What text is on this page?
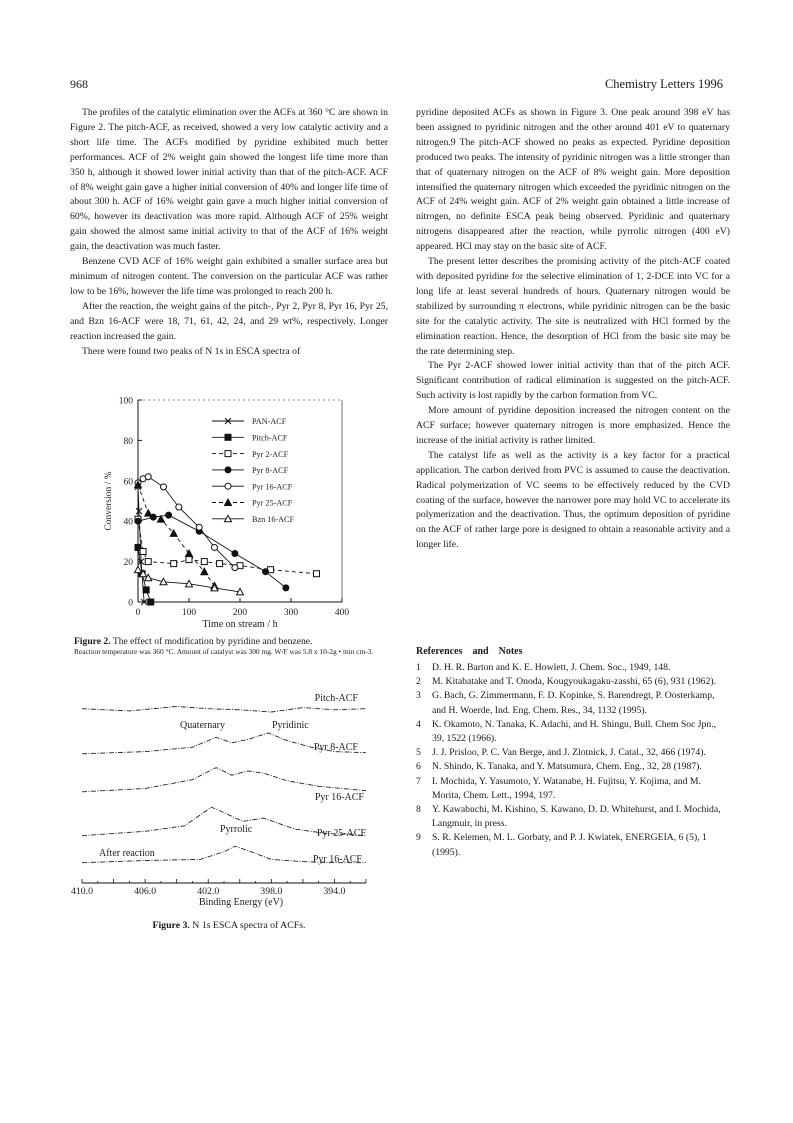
968	Chemistry Letters 1996

The profiles of the catalytic elimination over the ACFs at 360 °C are shown in Figure 2. The pitch-ACF, as received, showed a very low catalytic activity and a short life time. The ACFs modified by pyridine exhibited much better performances. ACF of 2% weight gain showed the longest life time more than 350 h, although it showed lower initial activity than that of the pitch-ACF. ACF of 8% weight gain gave a higher initial conversion of 40% and longer life time of about 300 h. ACF of 16% weight gain gave a much higher initial conversion of 60%, however its deactivation was more rapid. Although ACF of 25% weight gain showed the almost same initial activity to that of the ACF of 16% weight gain, the deactivation was much faster.

Benzene CVD ACF of 16% weight gain exhibited a smaller surface area but minimum of nitrogen content. The conversion on the particular ACF was rather low to be 16%, however the life time was prolonged to reach 200 h.

After the reaction, the weight gains of the pitch-, Pyr 2, Pyr 8, Pyr 16, Pyr 25, and Bzn 16-ACF were 18, 71, 61, 42, 24, and 29 wt%, respectively. Longer reaction increased the gain.

There were found two peaks of N 1s in ESCA spectra of

pyridine deposited ACFs as shown in Figure 3. One peak around 398 eV has been assigned to pyridinic nitrogen and the other around 401 eV to quaternary nitrogen.9 The pitch-ACF showed no peaks as expected. Pyridine deposition produced two peaks. The intensity of pyridinic nitrogen was a little stronger than that of quaternary nitrogen on the ACF of 8% weight gain. More deposition intensified the quaternary nitrogen which exceeded the pyridinic nitrogen on the ACF of 24% weight gain. ACF of 2% weight gain obtained a little increase of nitrogen, no definite ESCA peak being observed. Pyridinic and quaternary nitrogens disappeared after the reaction, while pyrrolic nitrogen (400 eV) appeared. HCl may stay on the basic site of ACF.

The present letter describes the promising activity of the pitch-ACF coated with deposited pyridine for the selective elimination of 1, 2-DCE into VC for a long life at least several hundreds of hours. Quaternary nitrogen would be stabilized by surrounding π electrons, while pyridinic nitrogen can be the basic site for the catalytic activity. The site is neutralized with HCl formed by the elimination reaction. Hence, the desorption of HCl from the basic site may be the rate determining step.

The Pyr 2-ACF showed lower initial activity than that of the pitch ACF. Significant contribution of radical elimination is suggested on the pitch-ACF. Such activity is lost rapidly by the carbon formation from VC.

More amount of pyridine deposition increased the nitrogen content on the ACF surface; however quaternary nitrogen is more emphasized. Hence the increase of the initial activity is rather limited.

The catalyst life as well as the activity is a key factor for a practical application. The carbon derived from PVC is assumed to cause the deactivation. Radical polymerization of VC seems to be effectively reduced by the CVD coating of the surface, however the narrower pore may hold VC to accelerate its polymerization and the deactivation. Thus, the optimum deposition of pyridine on the ACF of rather large pore is designed to obtain a reasonable activity and a longer life.

0	100	200	300	400
0
20
40
60
80
100
Time on stream / h
Conversion / %
PAN-ACF
Pitch-ACF
Pyr 2-ACF
Pyr 8-ACF
Pyr 16-ACF
Pyr 25-ACF
Bzn 16-ACF
Figure 2. The effect of modification by pyridine and benzene.
Reaction temperature was 360 °C. Amount of catalyst was 300 mg. W/F was 5.8 x 10-2g • min cm-3.
Pitch-ACF
Pyr 8-ACF
Pyr 16-ACF
Pyr 25-ACF
Pyr 16-ACF
Quaternary	Pyridinic
Pyrrolic
After reaction
410.0	406.0	402.0	398.0	394.0
Binding Energy (eV)
Figure 3. N 1s ESCA spectra of ACFs.
References and Notes
1 D. H. R. Barton and K. E. Howlett, J. Chem. Soc., 1949, 148.
2 M. Kitabatake and T. Onoda, Kougyoukagaku-zasshi, 65 (6), 931 (1962).
3 G. Bach, G. Zimmermann, F. D. Kopinke, S. Barendregt, P. Oosterkamp, and H. Woerde, Ind. Eng. Chem. Res., 34, 1132 (1995).
4 K. Okamoto, N. Tanaka, K. Adachi, and H. Shingu, Bull. Chem Soc Jpn., 39, 1522 (1966).
5 J. J. Prisloo, P. C. Van Berge, and J. Zlotnick, J. Catal., 32, 466 (1974).
6 N. Shindo, K. Tanaka, and Y. Matsumura, Chem. Eng., 32, 28 (1987).
7 I. Mochida, Y. Yasumoto, Y. Watanabe, H. Fujitsu, Y. Kojima, and M. Morita, Chem. Lett., 1994, 197.
8 Y. Kawabuchi, M. Kishino, S. Kawano, D. D. Whitehurst, and I. Mochida, Langmuir, in press.
9 S. R. Kelemen, M. L. Gorbaty, and P. J. Kwiatek, ENERGEIA, 6 (5), 1 (1995).
